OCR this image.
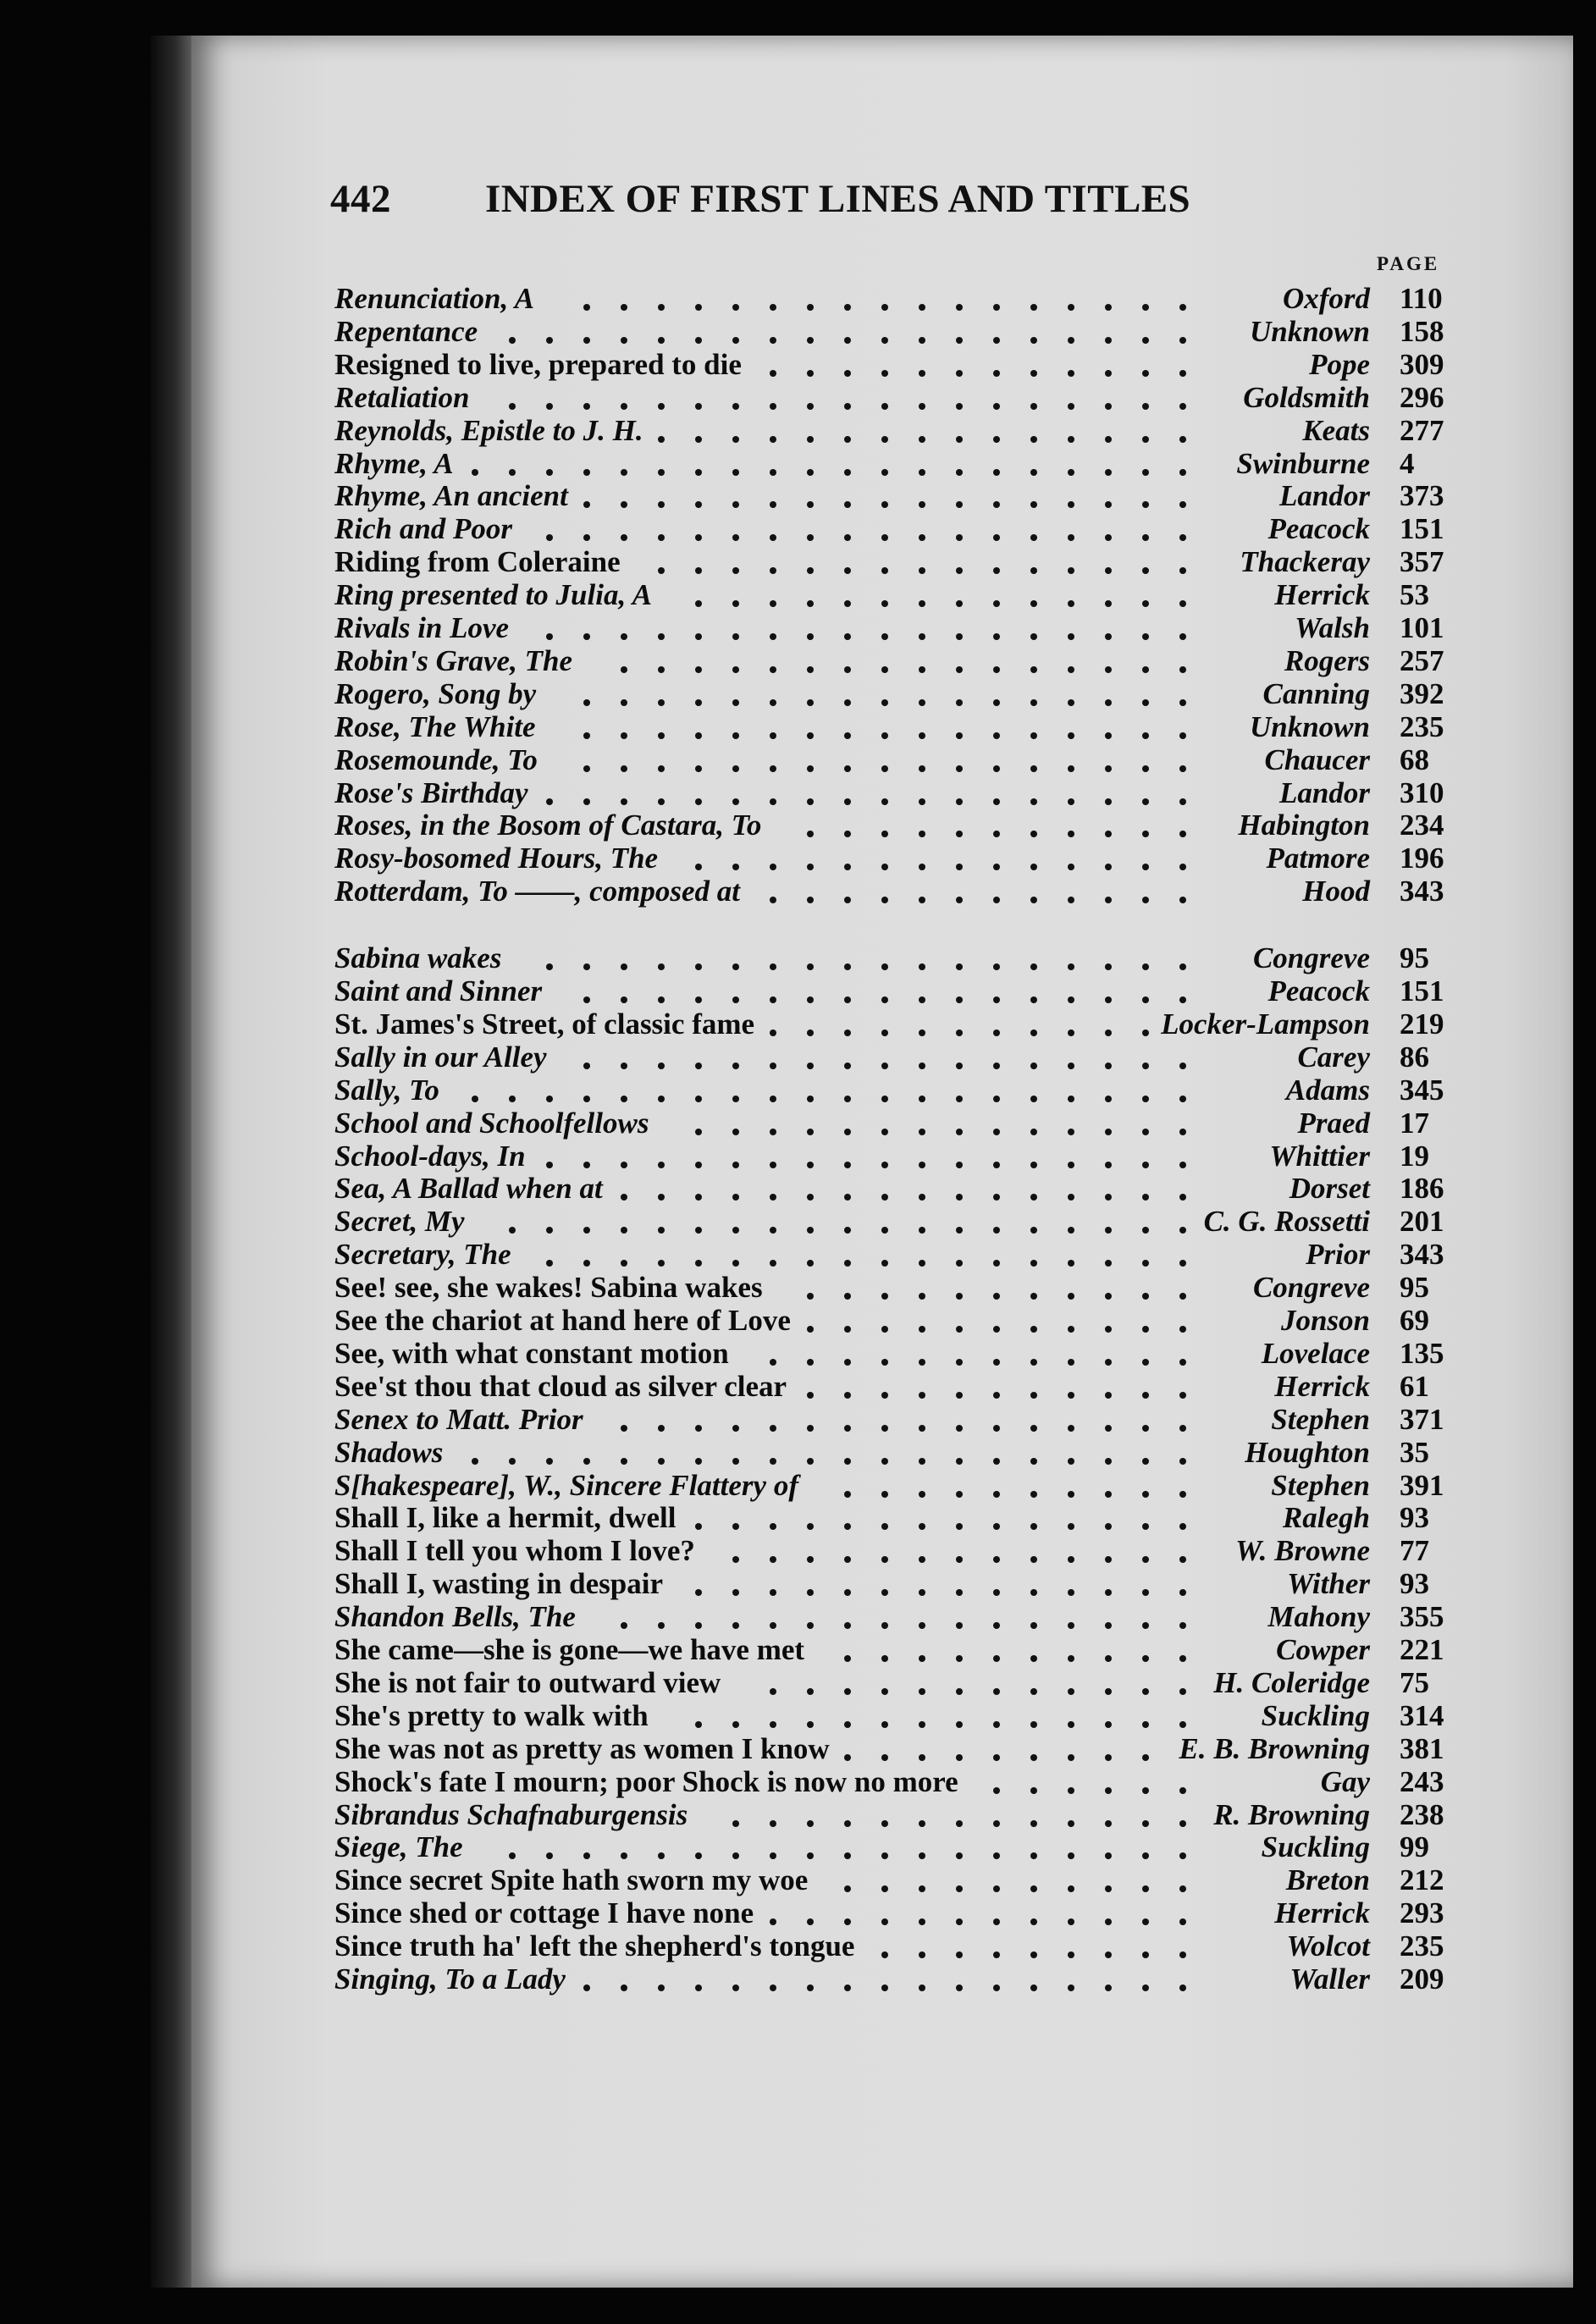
442 INDEX OF FIRST LINES AND TITLES
PAGE
Renunciation, A	Oxford 110
Repentance	Unknown 158
Resigned to live, prepared to die	Pope 309
Retaliation	Goldsmith 296
Reynolds, Epistle to J. H.	Keats 277
Rhyme, A	Swinburne 4
Rhyme, An ancient	Landor 373
Rich and Poor	Peacock 151
Riding from Coleraine	Thackeray 357
Ring presented to Julia, A	Herrick 53
Rivals in Love	Walsh 101
Robin's Grave, The	Rogers 257
Rogero, Song by	Canning 392
Rose, The White	Unknown 235
Rosemounde, To	Chaucer 68
Rose's Birthday	Landor 310
Roses, in the Bosom of Castara, To	Habington 234
Rosy-bosomed Hours, The	Patmore 196
Rotterdam, To ——, composed at	Hood 343
Sabina wakes	Congreve 95
Saint and Sinner	Peacock 151
St. James's Street, of classic fame	Locker-Lampson 219
Sally in our Alley	Carey 86
Sally, To	Adams 345
School and Schoolfellows	Praed 17
School-days, In	Whittier 19
Sea, A Ballad when at	Dorset 186
Secret, My	C. G. Rossetti 201
Secretary, The	Prior 343
See! see, she wakes! Sabina wakes	Congreve 95
See the chariot at hand here of Love	Jonson 69
See, with what constant motion	Lovelace 135
See'st thou that cloud as silver clear	Herrick 61
Senex to Matt. Prior	Stephen 371
Shadows	Houghton 35
S[hakespeare], W., Sincere Flattery of	Stephen 391
Shall I, like a hermit, dwell	Ralegh 93
Shall I tell you whom I love?	W. Browne 77
Shall I, wasting in despair	Wither 93
Shandon Bells, The	Mahony 355
She came—she is gone—we have met	Cowper 221
She is not fair to outward view	H. Coleridge 75
She's pretty to walk with	Suckling 314
She was not as pretty as women I know	E. B. Browning 381
Shock's fate I mourn; poor Shock is now no more	Gay 243
Sibrandus Schafnaburgensis	R. Browning 238
Siege, The	Suckling 99
Since secret Spite hath sworn my woe	Breton 212
Since shed or cottage I have none	Herrick 293
Since truth ha' left the shepherd's tongue	Wolcot 235
Singing, To a Lady	Waller 209
